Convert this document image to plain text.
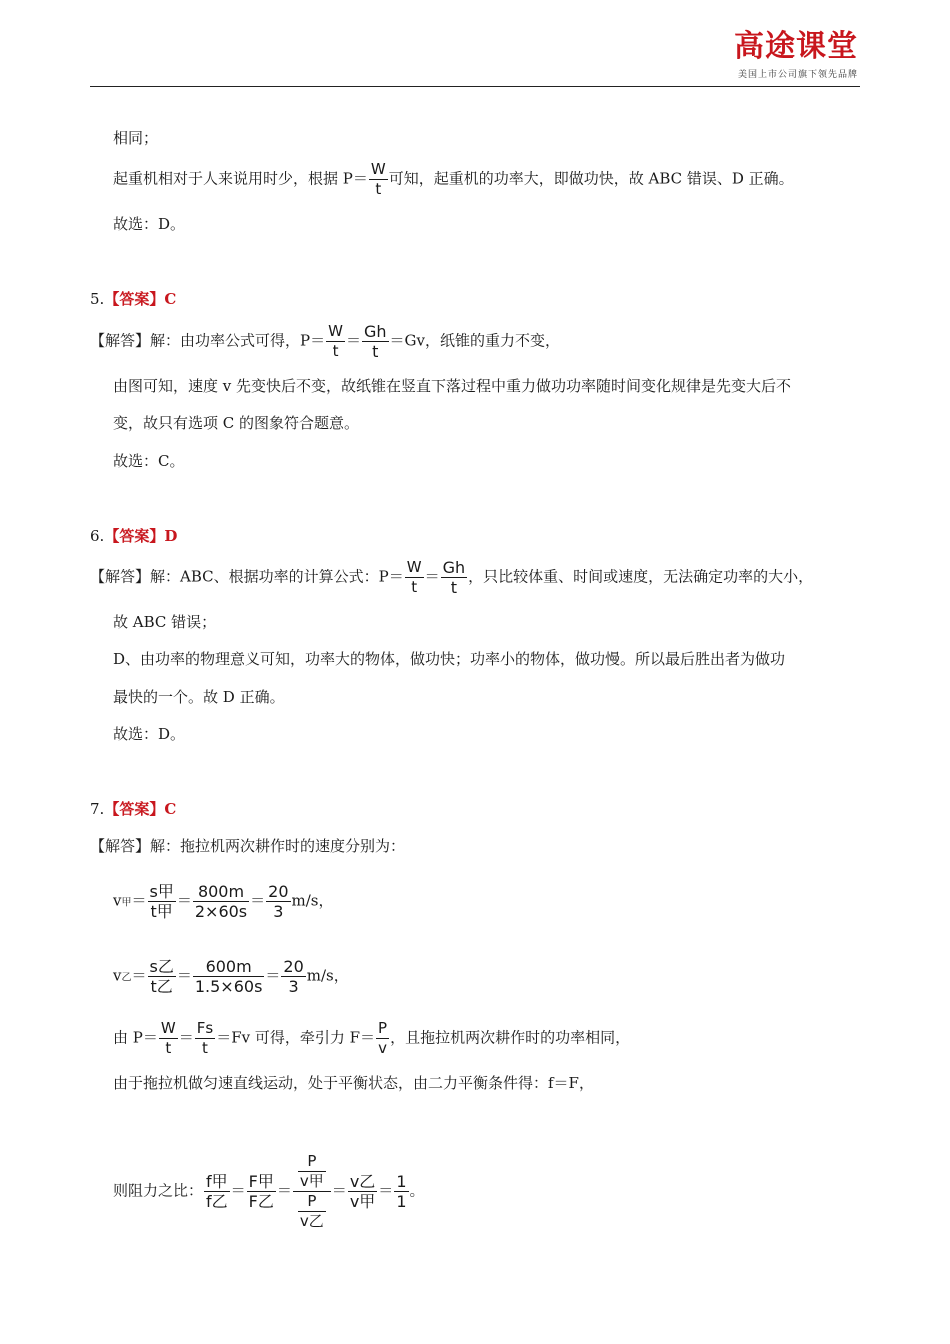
高途课堂
美国上市公司旗下领先品牌
相同；
起重机相对于人来说用时少，根据 $P= \frac{W}{t}$ 可知，起重机的功率大，即做功快，故 ABC 错误、D 正确。
故选：D。
5.【答案】C
【解答】解：由功率公式可得，$P= \frac{W}{t} = \frac{Gh}{t} =Gv$，纸锥的重力不变，
由图可知，速度 v 先变快后不变，故纸锥在竖直下落过程中重力做功功率随时间变化规律是先变大后不
变，故只有选项 C 的图象符合题意。
故选：C。
6.【答案】D
【解答】解：ABC、根据功率的计算公式：$P= \frac{W}{t} = \frac{Gh}{t}$ ，只比较体重、时间或速度，无法确定功率的大小，
故 ABC 错误；
D、由功率的物理意义可知，功率大的物体，做功快；功率小的物体，做功慢。所以最后胜出者为做功
最快的一个。故 D 正确。
故选：D。
7.【答案】C
【解答】解：拖拉机两次耕作时的速度分别为：
v甲＝ $\frac{\text{s甲}}{\text{t甲}} = \frac{800m}{2\times 60s} = \frac{20}{3} m/s$，
v乙＝ $\frac{\text{s乙}}{\text{t乙}} = \frac{600m}{1.5\times 60s} = \frac{20}{3} m/s$，
由 $P= \frac{W}{t} = \frac{Fs}{t} =Fv$ 可得，牵引力 $F= \frac{P}{v}$ ，且拖拉机两次耕作时的功率相同，
由于拖拉机做匀速直线运动，处于平衡状态，由二力平衡条件得：f＝F，
则阻力之比： $\frac{\text{f甲}}{\text{f乙}} = \frac{\text{F甲}}{\text{F乙}} = \frac{\frac{P}{\text{v甲}}}{\frac{P}{\text{v乙}}} = \frac{\text{v乙}}{\text{v甲}} = \frac{1}{1}$ 。
